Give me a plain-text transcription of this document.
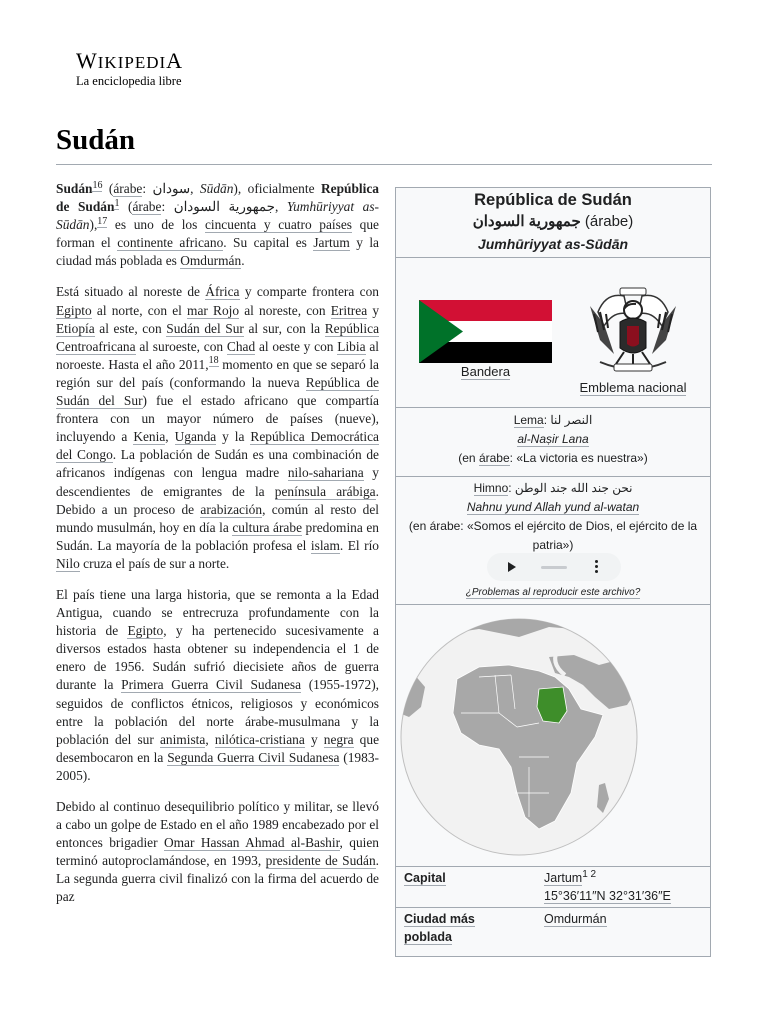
WIKIPEDIA
La enciclopedia libre
Sudán

Sudán$^{16}$ (árabe: سودان, Sūdān), oficialmente República de Sudán$^1$ (árabe: جمهورية السودان, Yumhūriyyat as-Sūdān),$^{17}$ es uno de los cincuenta y cuatro países que forman el continente africano. Su capital es Jartum y la ciudad más poblada es Omdurmán.

Está situado al noreste de África y comparte frontera con Egipto al norte, con el mar Rojo al noreste, con Eritrea y Etiopía al este, con Sudán del Sur al sur, con la República Centroafricana al suroeste, con Chad al oeste y con Libia al noroeste. Hasta el año 2011,18 momento en que se separó la región sur del país (conformando la nueva República de Sudán del Sur) fue el estado africano que compartía frontera con un mayor número de países (nueve), incluyendo a Kenia, Uganda y la República Democrática del Congo. La población de Sudán es una combinación de africanos indígenas con lengua madre nilo-sahariana y descendientes de emigrantes de la península arábiga. Debido a un proceso de arabización, común al resto del mundo musulmán, hoy en día la cultura árabe predomina en Sudán. La mayoría de la población profesa el islam. El río Nilo cruza el país de sur a norte.

El país tiene una larga historia, que se remonta a la Edad Antigua, cuando se entrecruza profundamente con la historia de Egipto, y ha pertenecido sucesivamente a diversos estados hasta obtener su independencia el 1 de enero de 1956. Sudán sufrió diecisiete años de guerra durante la Primera Guerra Civil Sudanesa (1955-1972), seguidos de conflictos étnicos, religiosos y económicos entre la población del norte árabe-musulmana y la población del sur animista, nilótica-cristiana y negra que desembocaron en la Segunda Guerra Civil Sudanesa (1983-2005).

Debido al continuo desequilibrio político y militar, se llevó a cabo un golpe de Estado en el año 1989 encabezado por el entonces brigadier Omar Hassan Ahmad al-Bashir, quien terminó autoproclamándose, en 1993, presidente de Sudán. La segunda guerra civil finalizó con la firma del acuerdo de paz

República de Sudán
جمهورية السودان (árabe)
Jumhūriyyat as-Sūdān
Bandera
Emblema nacional
Lema: النصر لنا
al-Naṣir Lana
(en árabe: «La victoria es nuestra»)
Himno: نحن جند الله جند الوطن
Nahnu yund Allah yund al-watan
(en árabe: «Somos el ejército de Dios, el ejército de la patria»)
¿Problemas al reproducir este archivo?
Capital	Jartum$^{1 2}$
15°36′11″N 32°31′36″E
Ciudad más poblada
Omdurmán
